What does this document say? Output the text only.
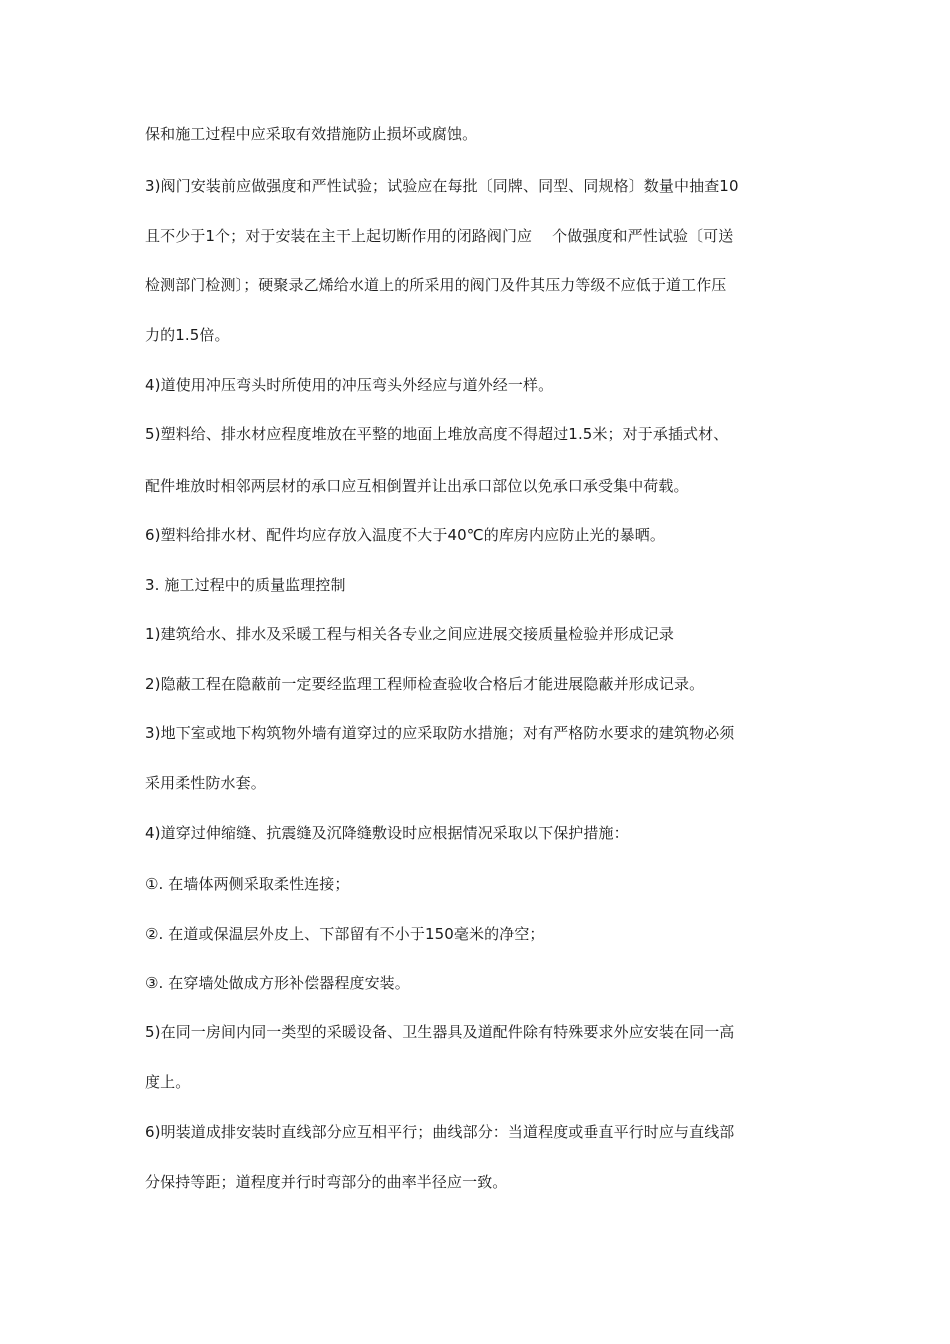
保和施工过程中应采取有效措施防止损坏或腐蚀。
3)阀门安装前应做强度和严性试验；试验应在每批〔同牌、同型、同规格〕数量中抽查10
且不少于1个；对于安装在主干上起切断作用的闭路阀门应　 个做强度和严性试验〔可送
检测部门检测〕；硬聚录乙烯给水道上的所采用的阀门及件其压力等级不应低于道工作压
力的1.5倍。
4)道使用冲压弯头时所使用的冲压弯头外经应与道外经一样。
5)塑料给、排水材应程度堆放在平整的地面上堆放高度不得超过1.5米；对于承插式材、
配件堆放时相邻两层材的承口应互相倒置并让出承口部位以免承口承受集中荷载。
6)塑料给排水材、配件均应存放入温度不大于40℃的库房内应防止光的暴晒。
3. 施工过程中的质量监理控制
1)建筑给水、排水及采暖工程与相关各专业之间应进展交接质量检验并形成记录
2)隐蔽工程在隐蔽前一定要经监理工程师检查验收合格后才能进展隐蔽并形成记录。
3)地下室或地下构筑物外墙有道穿过的应采取防水措施；对有严格防水要求的建筑物必须
采用柔性防水套。
4)道穿过伸缩缝、抗震缝及沉降缝敷设时应根据情况采取以下保护措施：
①. 在墙体两侧采取柔性连接；
②. 在道或保温层外皮上、下部留有不小于150毫米的净空；
③. 在穿墙处做成方形补偿器程度安装。
5)在同一房间内同一类型的采暖设备、卫生器具及道配件除有特殊要求外应安装在同一高
度上。
6)明装道成排安装时直线部分应互相平行；曲线部分：当道程度或垂直平行时应与直线部
分保持等距；道程度并行时弯部分的曲率半径应一致。
